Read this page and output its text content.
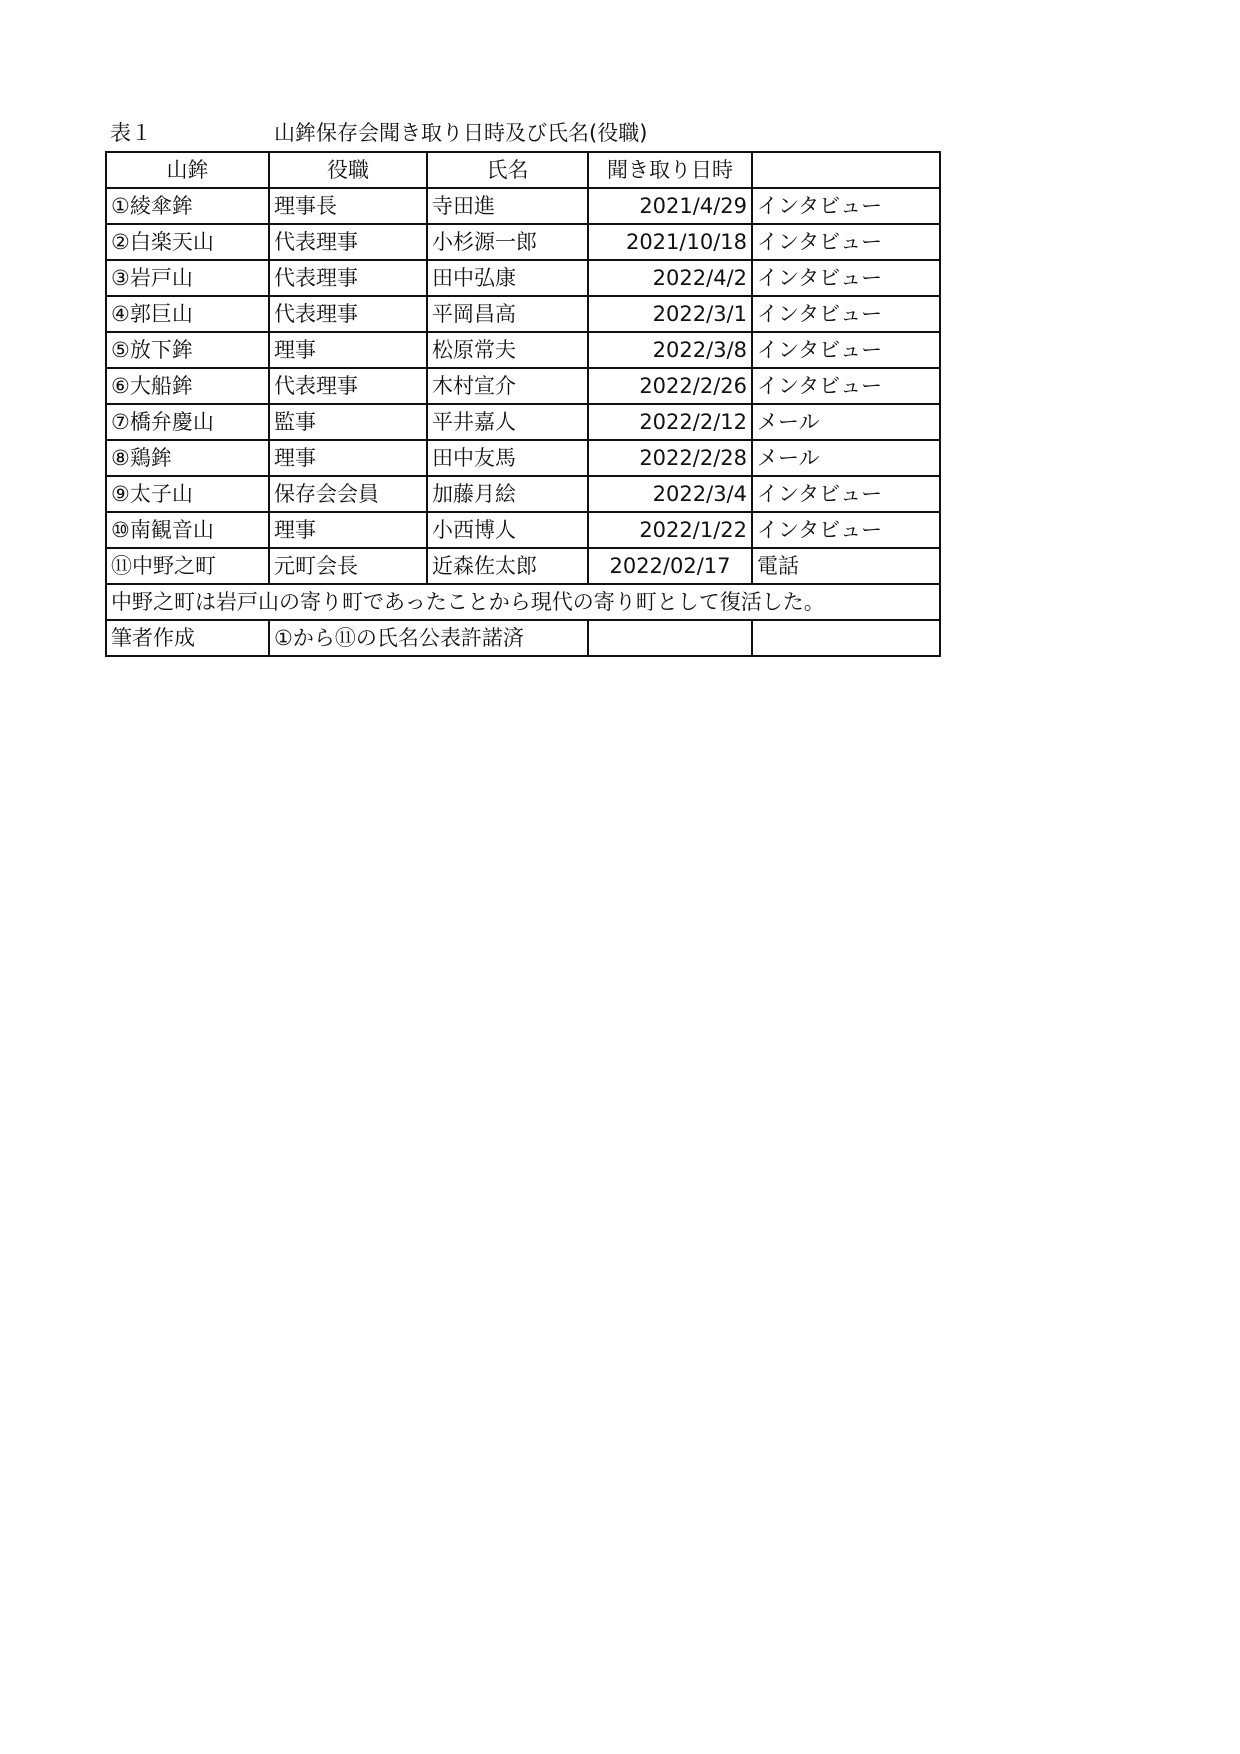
表１	山鉾保存会聞き取り日時及び氏名(役職)
山鉾	役職	氏名	聞き取り日時	
①綾傘鉾	理事長	寺田進	2021/4/29	インタビュー
②白楽天山	代表理事	小杉源一郎	2021/10/18	インタビュー
③岩戸山	代表理事	田中弘康	2022/4/2	インタビュー
④郭巨山	代表理事	平岡昌高	2022/3/1	インタビュー
⑤放下鉾	理事	松原常夫	2022/3/8	インタビュー
⑥大船鉾	代表理事	木村宣介	2022/2/26	インタビュー
⑦橋弁慶山	監事	平井嘉人	2022/2/12	メール
⑧鶏鉾	理事	田中友馬	2022/2/28	メール
⑨太子山	保存会会員	加藤月絵	2022/3/4	インタビュー
⑩南観音山	理事	小西博人	2022/1/22	インタビュー
⑪中野之町	元町会長	近森佐太郎	2022/02/17	電話
中野之町は岩戸山の寄り町であったことから現代の寄り町として復活した。				
筆者作成	①から⑪の氏名公表許諾済			
